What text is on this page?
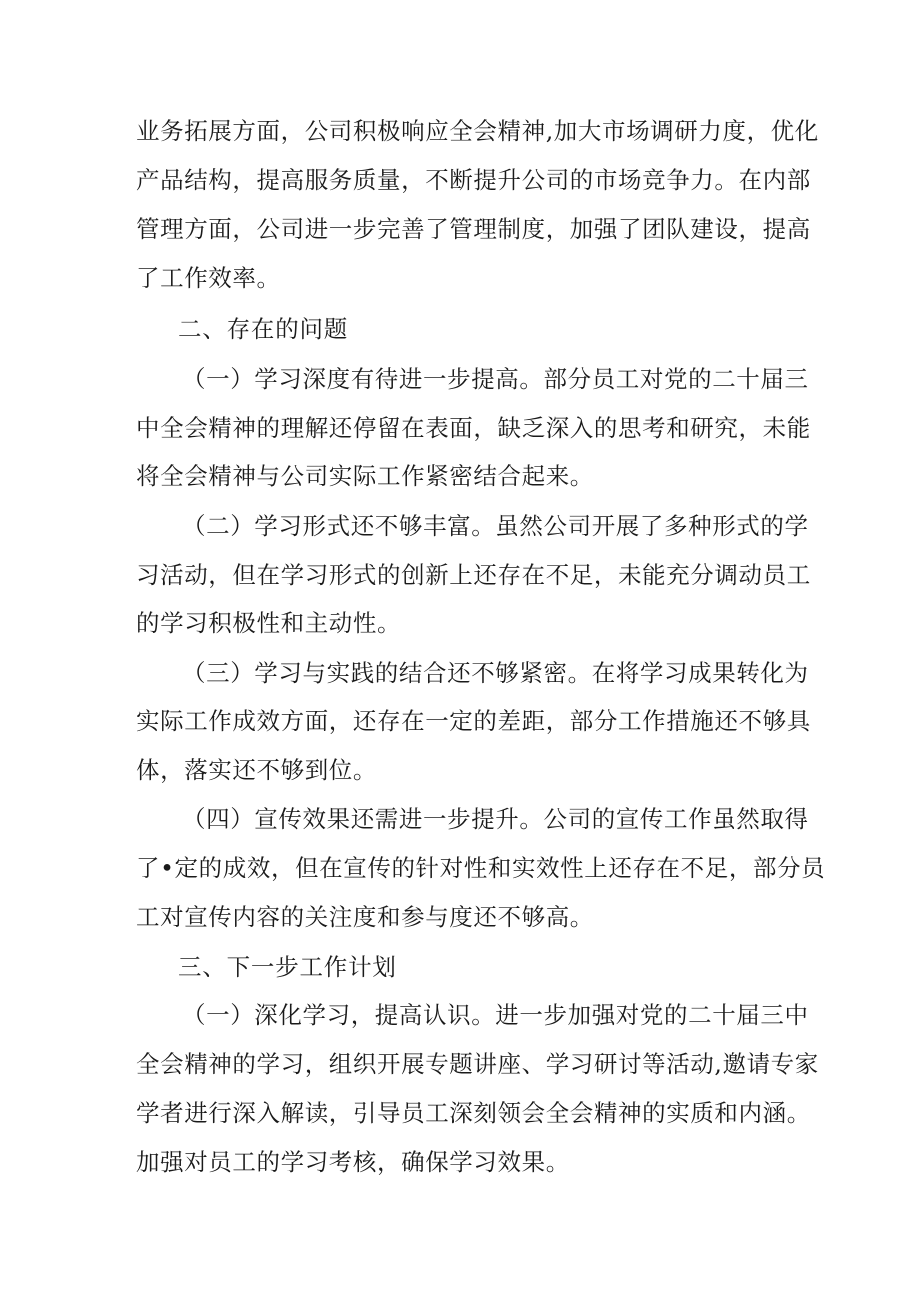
业务拓展方面，公司积极响应全会精神,加大市场调研力度，优化
产品结构，提高服务质量，不断提升公司的市场竞争力。在内部
管理方面，公司进一步完善了管理制度，加强了团队建设，提高
了工作效率。
二、存在的问题
（一）学习深度有待进一步提高。部分员工对党的二十届三
中全会精神的理解还停留在表面，缺乏深入的思考和研究，未能
将全会精神与公司实际工作紧密结合起来。
（二）学习形式还不够丰富。虽然公司开展了多种形式的学
习活动，但在学习形式的创新上还存在不足，未能充分调动员工
的学习积极性和主动性。
（三）学习与实践的结合还不够紧密。在将学习成果转化为
实际工作成效方面，还存在一定的差距，部分工作措施还不够具
体，落实还不够到位。
（四）宣传效果还需进一步提升。公司的宣传工作虽然取得
了•定的成效，但在宣传的针对性和实效性上还存在不足，部分员
工对宣传内容的关注度和参与度还不够高。
三、下一步工作计划
（一）深化学习，提高认识。进一步加强对党的二十届三中
全会精神的学习，组织开展专题讲座、学习研讨等活动,邀请专家
学者进行深入解读，引导员工深刻领会全会精神的实质和内涵。
加强对员工的学习考核，确保学习效果。
